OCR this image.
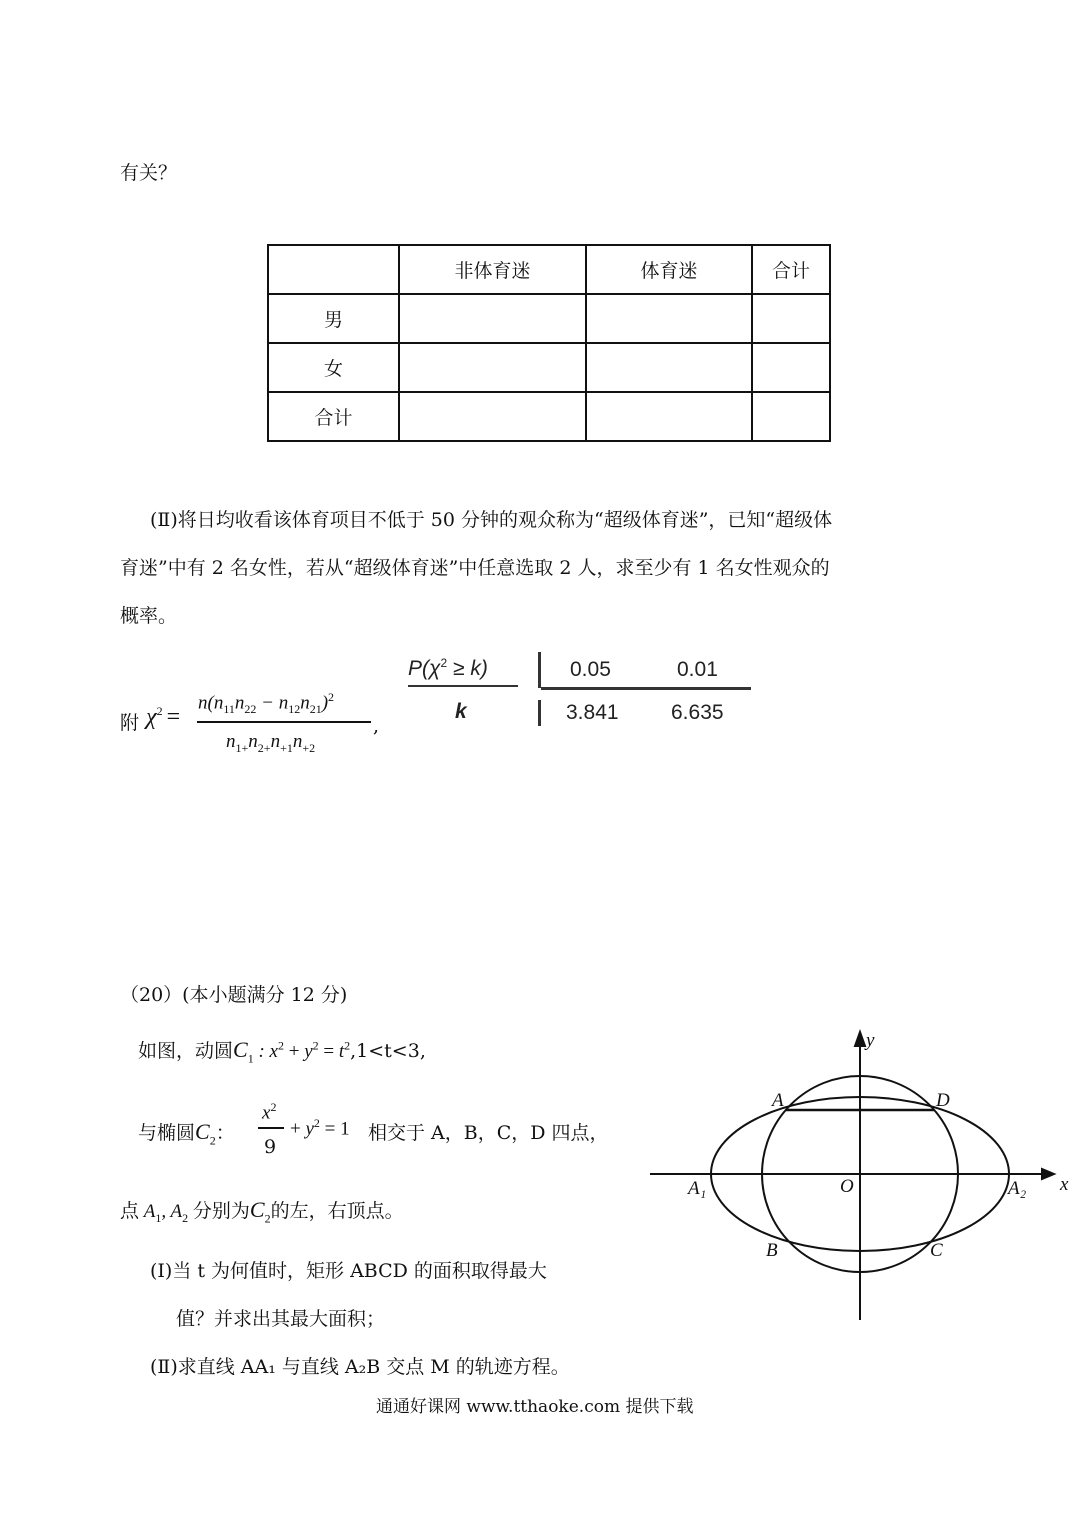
有关？
	非体育迷	体育迷	合计
男			
女			
合计			
(Ⅱ)将日均收看该体育项目不低于 50 分钟的观众称为“超级体育迷”，已知“超级体
育迷”中有 2 名女性，若从“超级体育迷”中任意选取 2 人，求至少有 1 名女性观众的
概率。
附 $\chi^2$ =
$n(n_{11}n_{22} - n_{12}n_{21})^2$
$n_{1+}n_{2+}n_{+1}n_{+2}$
,
$P(\chi^2 \ge k)$	0.05	0.01
k	3.841 6.635
（20）(本小题满分 12 分)
如图，动圆$C_1$ : $x^2 + y^2 = t^2,1<t<3$,
与椭圆$C_2$：
$x^2$
9
+ $y^2 = 1$ 相交于 A，B，C，D 四点，
点 $A_1$, $A_2$ 分别为$C_2$的左，右顶点。
(Ⅰ)当 t 为何值时，矩形 ABCD 的面积取得最大
值？并求出其最大面积；
(Ⅱ)求直线 AA₁ 与直线 A₂B 交点 M 的轨迹方程。
y
x
O
A	D
B	C
A₁	A₂
通通好课网 www.tthaoke.com 提供下载
